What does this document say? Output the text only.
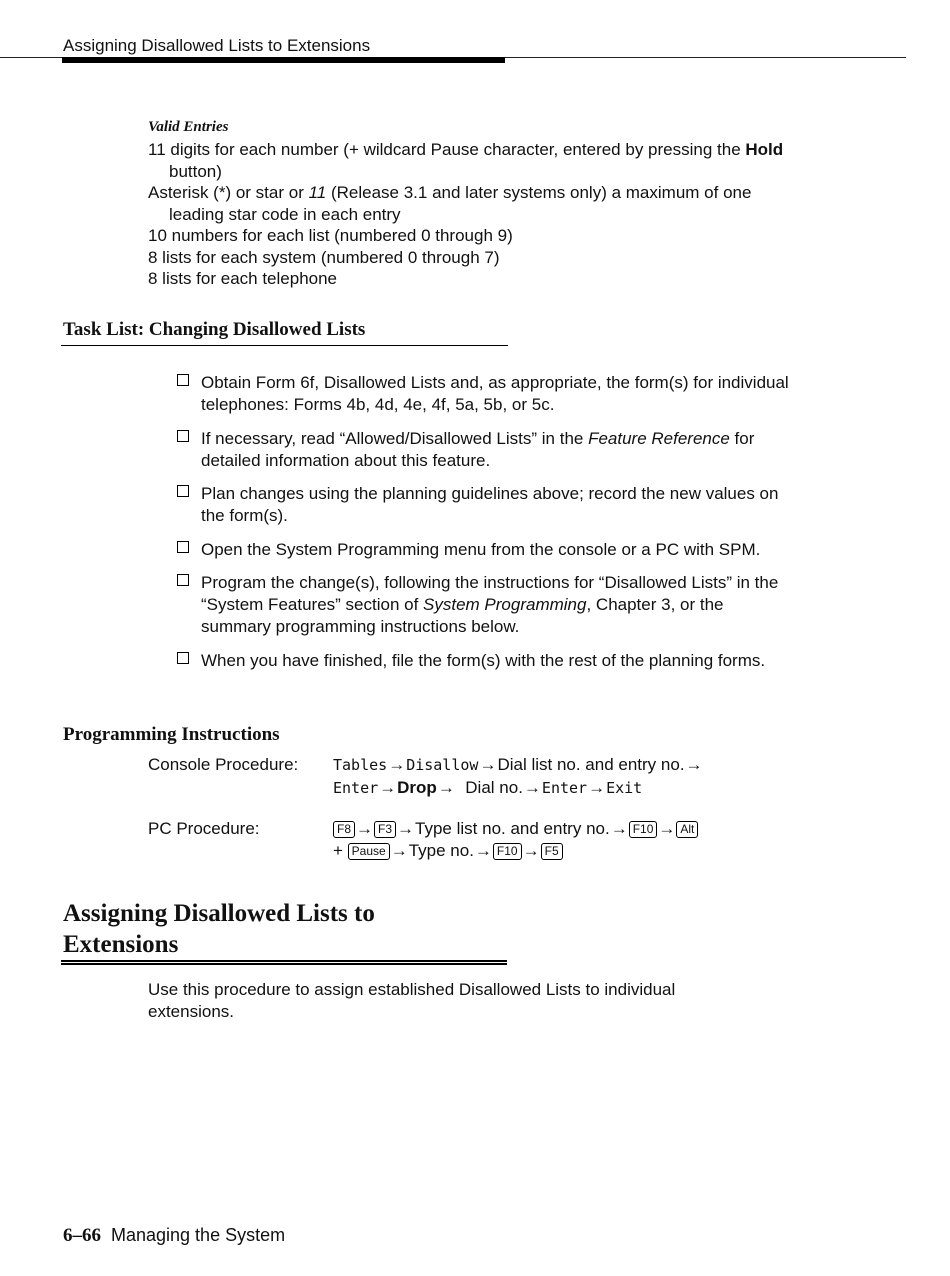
Assigning Disallowed Lists to Extensions
Valid Entries
11 digits for each number (+ wildcard Pause character, entered by pressing the Hold button)
Asterisk (*) or star or 11 (Release 3.1 and later systems only) a maximum of one leading star code in each entry
10 numbers for each list (numbered 0 through 9)
8 lists for each system (numbered 0 through 7)
8 lists for each telephone
Task List: Changing Disallowed Lists
Obtain Form 6f, Disallowed Lists and, as appropriate, the form(s) for individual telephones: Forms 4b, 4d, 4e, 4f, 5a, 5b, or 5c.
If necessary, read “Allowed/Disallowed Lists” in the Feature Reference for detailed information about this feature.
Plan changes using the planning guidelines above; record the new values on the form(s).
Open the System Programming menu from the console or a PC with SPM.
Program the change(s), following the instructions for “Disallowed Lists” in the “System Features” section of System Programming, Chapter 3, or the summary programming instructions below.
When you have finished, file the form(s) with the rest of the planning forms.
Programming Instructions
Console Procedure: Tables→Disallow→Dial list no. and entry no.→
Enter→Drop→ Dial no.→Enter→Exit
PC Procedure:	F8 → F3 →Type list no. and entry no.→ F10 → Alt
+ Pause →Type no.→ F10 → F5
Assigning Disallowed Lists to
Extensions
Use this procedure to assign established Disallowed Lists to individual extensions.
6–66 Managing the System
